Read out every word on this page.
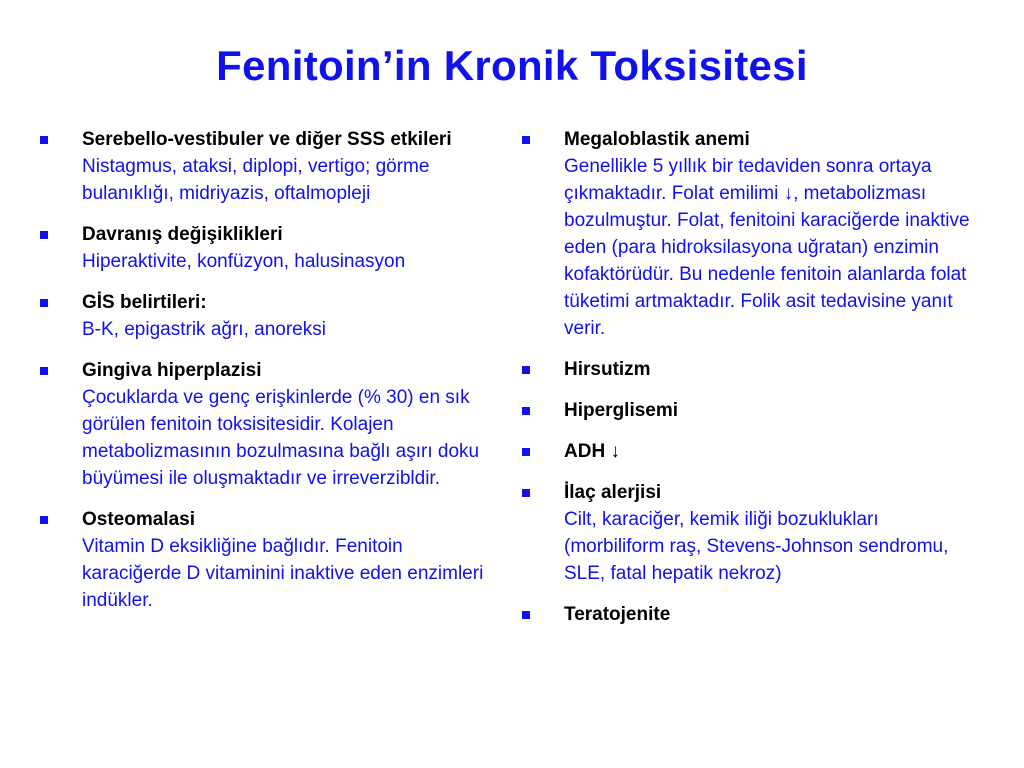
Fenitoin’in Kronik Toksisitesi
Serebello-vestibuler ve diğer SSS etkileri
Nistagmus, ataksi, diplopi, vertigo; görme bulanıklığı, midriyazis, oftalmopleji
Davranış değişiklikleri
Hiperaktivite, konfüzyon, halusinasyon
GİS belirtileri:
B-K, epigastrik ağrı, anoreksi
Gingiva hiperplazisi
Çocuklarda ve genç erişkinlerde (% 30) en sık görülen fenitoin toksisitesidir. Kolajen metabolizmasının bozulmasına bağlı aşırı doku büyümesi ile oluşmaktadır ve irreverzibldir.
Osteomalasi
Vitamin D eksikliğine bağlıdır. Fenitoin karaciğerde D vitaminini inaktive eden enzimleri indükler.
Megaloblastik anemi
Genellikle 5 yıllık bir tedaviden sonra ortaya çıkmaktadır. Folat emilimi ↓, metabolizması bozulmuştur. Folat, fenitoini karaciğerde inaktive eden (para hidroksilasyona uğratan) enzimin kofaktörüdür. Bu nedenle fenitoin alanlarda folat tüketimi artmaktadır. Folik asit tedavisine yanıt verir.
Hirsutizm
Hiperglisemi
ADH ↓
İlaç alerjisi
Cilt, karaciğer, kemik iliği bozuklukları (morbiliform raş, Stevens-Johnson sendromu, SLE, fatal hepatik nekroz)
Teratojenite
